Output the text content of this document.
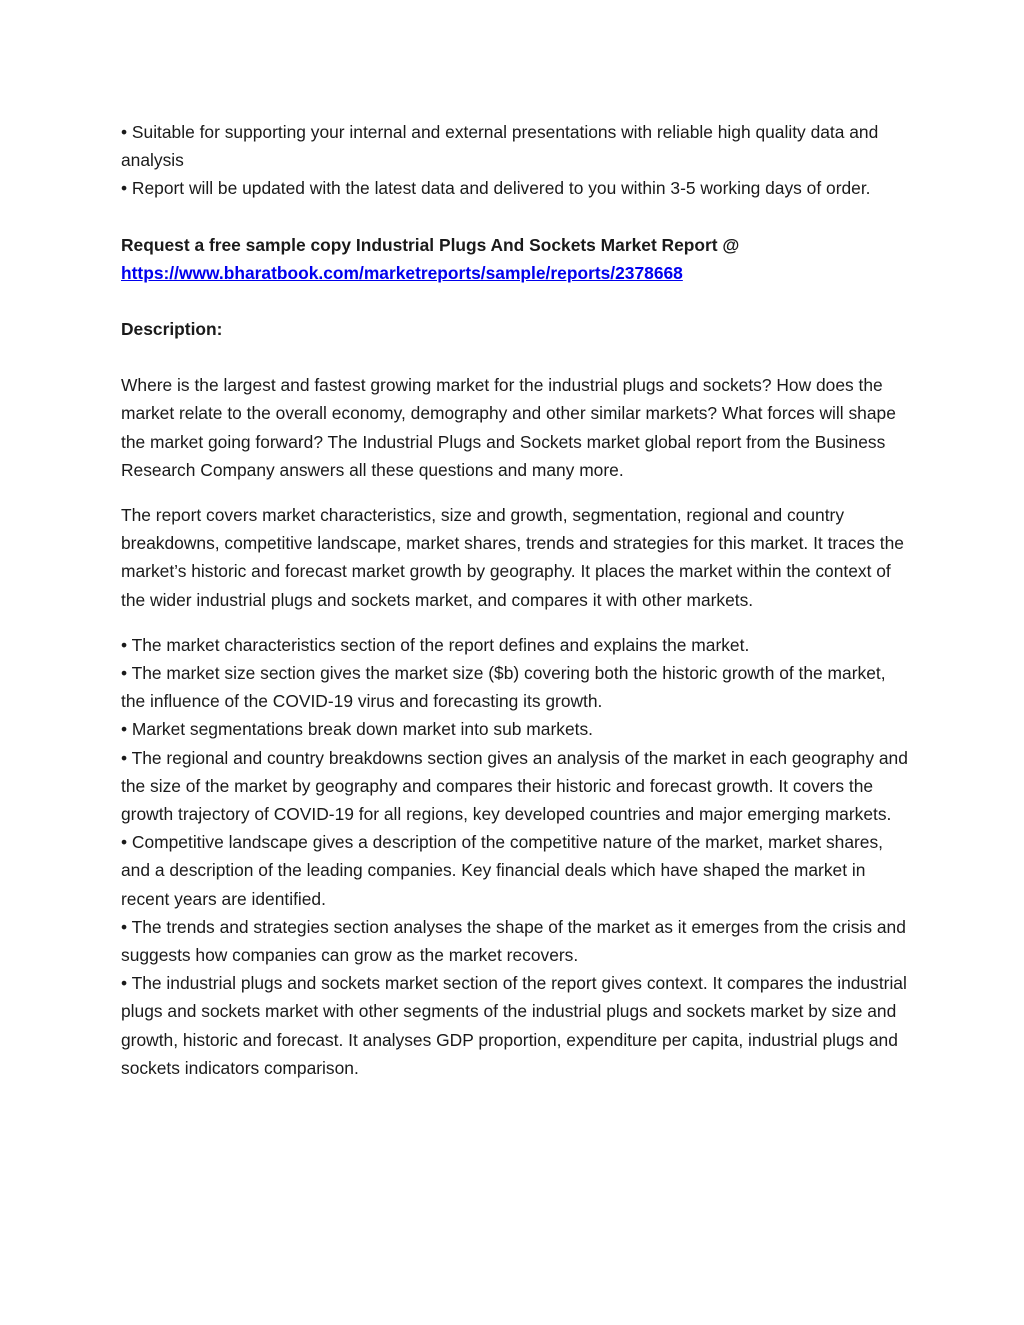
• Suitable for supporting your internal and external presentations with reliable high quality data and analysis

• Report will be updated with the latest data and delivered to you within 3-5 working days of order.

Request a free sample copy Industrial Plugs And Sockets Market Report @

https://www.bharatbook.com/marketreports/sample/reports/2378668

Description:

Where is the largest and fastest growing market for the industrial plugs and sockets? How does the market relate to the overall economy, demography and other similar markets? What forces will shape the market going forward? The Industrial Plugs and Sockets market global report from the Business Research Company answers all these questions and many more.

The report covers market characteristics, size and growth, segmentation, regional and country breakdowns, competitive landscape, market shares, trends and strategies for this market. It traces the market’s historic and forecast market growth by geography. It places the market within the context of the wider industrial plugs and sockets market, and compares it with other markets.

• The market characteristics section of the report defines and explains the market.

• The market size section gives the market size ($b) covering both the historic growth of the market, the influence of the COVID-19 virus and forecasting its growth.

• Market segmentations break down market into sub markets.

• The regional and country breakdowns section gives an analysis of the market in each geography and the size of the market by geography and compares their historic and forecast growth. It covers the growth trajectory of COVID-19 for all regions, key developed countries and major emerging markets.

• Competitive landscape gives a description of the competitive nature of the market, market shares, and a description of the leading companies. Key financial deals which have shaped the market in recent years are identified.

• The trends and strategies section analyses the shape of the market as it emerges from the crisis and suggests how companies can grow as the market recovers.

• The industrial plugs and sockets market section of the report gives context. It compares the industrial plugs and sockets market with other segments of the industrial plugs and sockets market by size and growth, historic and forecast. It analyses GDP proportion, expenditure per capita, industrial plugs and sockets indicators comparison.
